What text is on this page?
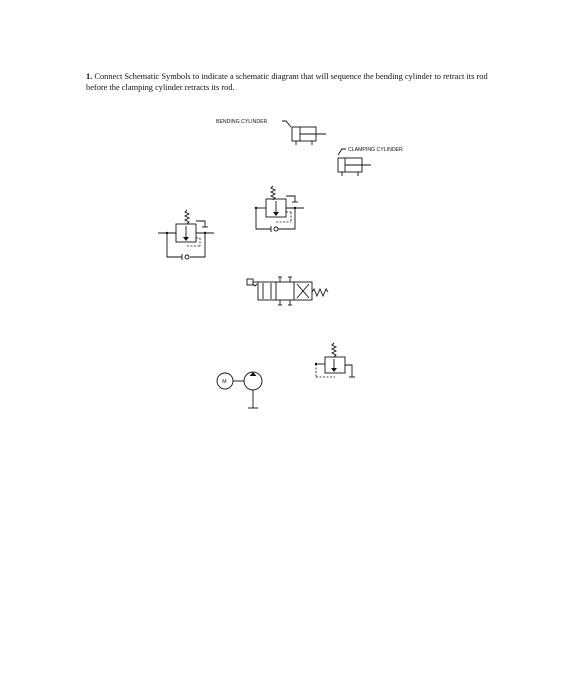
1. Connect Schematic Symbols to indicate a schematic diagram that will sequence the bending cylinder to retract its rod before the clamping cylinder retracts its rod.
BENDING CYLINDER
CLAMPING CYLINDER
M
